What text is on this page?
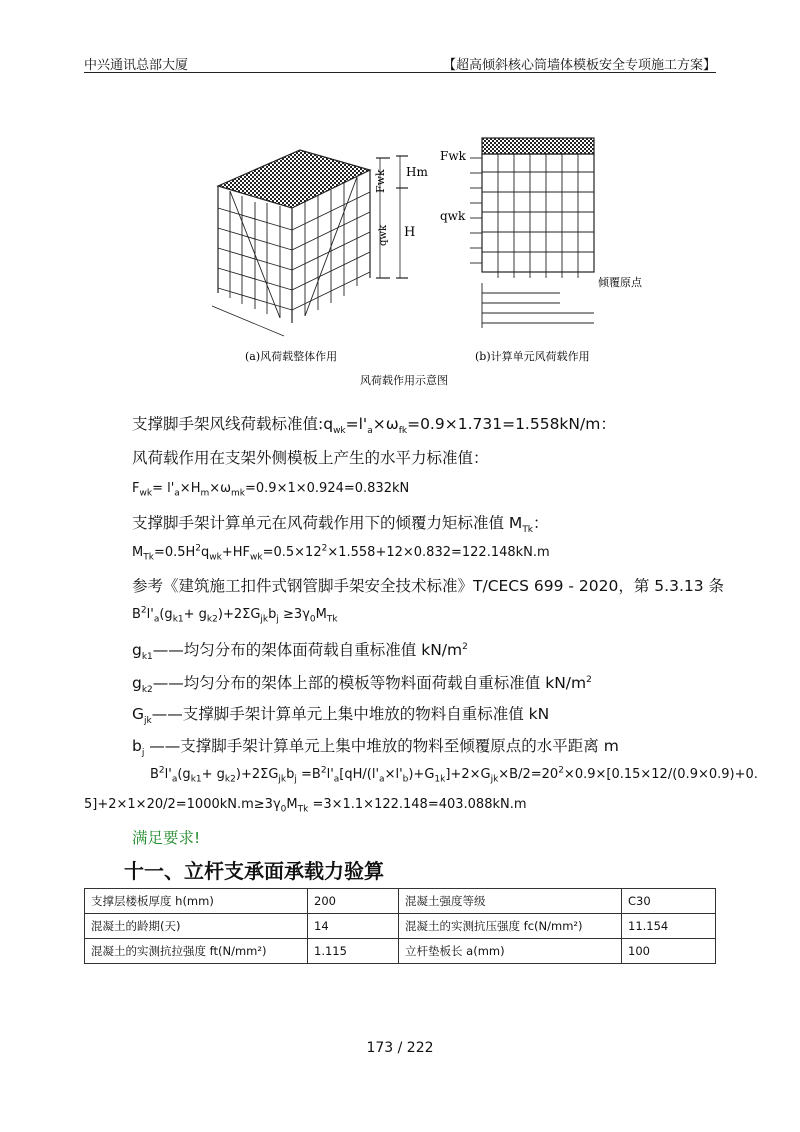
中兴通讯总部大厦	【超高倾斜核心筒墙体模板安全专项施工方案】
Fwk Hm
H
qwk
Fwk
qwk
倾覆原点
(a)风荷载整体作用	(b)计算单元风荷载作用
风荷载作用示意图
支撑脚手架风线荷载标准值$:q_{wk}=l'_a\times\omega_{fk}=0.9\times 1.731=1.558kN/m$：
风荷载作用在支架外侧模板上产生的水平力标准值：
$F_{wk}= l'_a\times H_m\times\omega_{mk}=0.9\times 1\times 0.924=0.832kN$
支撑脚手架计算单元在风荷载作用下的倾覆力矩标准值 $M_{Tk}$：
$M_{Tk}=0.5H^2q_{wk}+HF_{wk}=0.5\times 12^2\times 1.558+12\times 0.832=122.148kN.m$
参考《建筑施工扣件式钢管脚手架安全技术标准》T/CECS 699 - 2020，第 5.3.13 条
$B^2l'_a(g_{k1}+ g_{k2})+2\Sigma G_{jk}b_j \ge 3\gamma_0M_{Tk}$
$g_{k1}——$均匀分布的架体面荷载自重标准值 $kN/m^2$
$g_{k2}——$均匀分布的架体上部的模板等物料面荷载自重标准值 $kN/m^2$
$G_{jk}——$支撑脚手架计算单元上集中堆放的物料自重标准值 kN
$b_j$ ——支撑脚手架计算单元上集中堆放的物料至倾覆原点的水平距离 m
$B^2l'_a(g_{k1}+ g_{k2})+2\Sigma G_{jk}b_j =B^2l'_a[qH/(l'_a\times l'_b)+G_{1k}]+2\times G_{jk}\times B/2=20^2\times 0.9\times[0.15\times 12/(0.9\times 0.9)+0$.
$5]+2\times 1\times 20/2=1000kN.m\ge 3\gamma_0M_{Tk} =3\times 1.1\times 122.148=403.088kN.m$
满足要求!
十一、立杆支承面承载力验算
支撑层楼板厚度 h(mm)	200	混凝土强度等级	C30
混凝土的龄期(天)	14	混凝土的实测抗压强度 fc(N/mm²)	11.154
混凝土的实测抗拉强度 ft(N/mm²)	1.115	立杆垫板长 a(mm)	100
173 / 222
